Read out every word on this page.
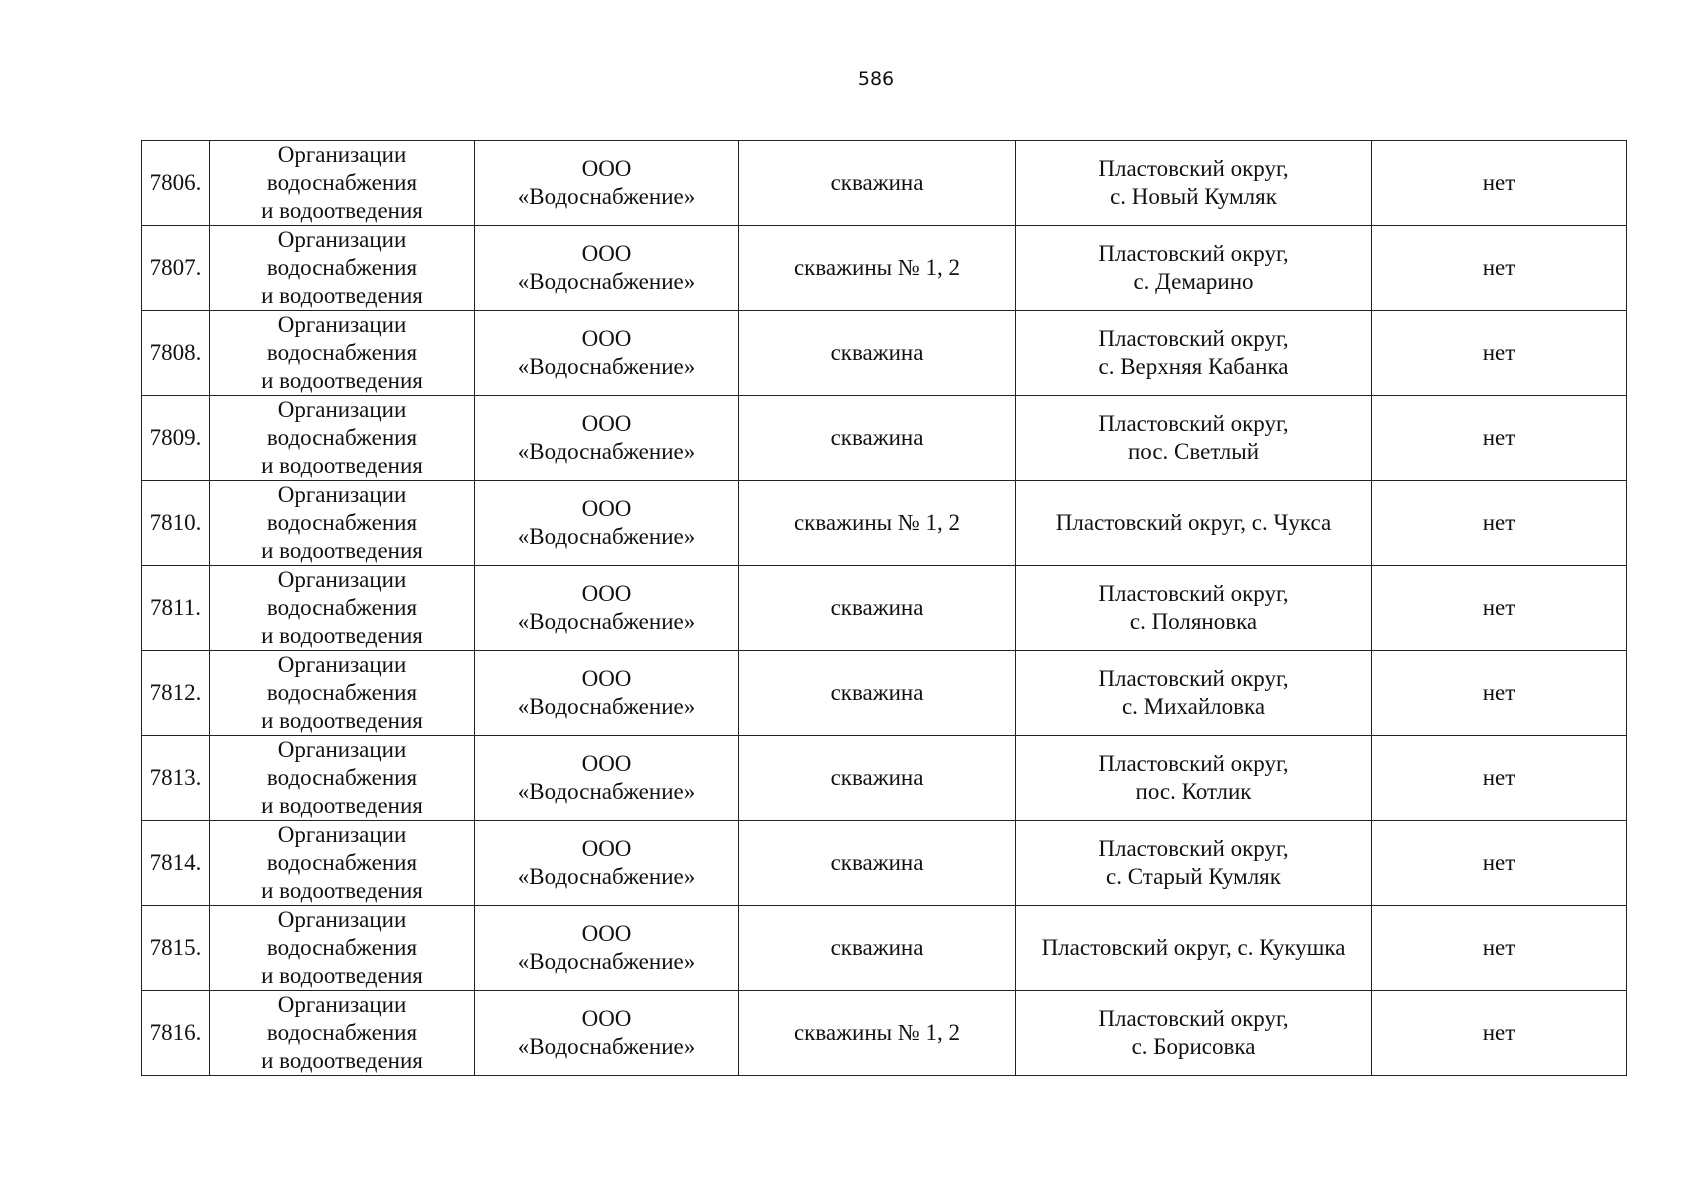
586
7806.	Организации
водоснабжения
и водоотведения	ООО
«Водоснабжение»	скважина	Пластовский округ,
с. Новый Кумляк	нет
7807.	Организации
водоснабжения
и водоотведения	ООО
«Водоснабжение»	скважины № 1, 2	Пластовский округ,
с. Демарино	нет
7808.	Организации
водоснабжения
и водоотведения	ООО
«Водоснабжение»	скважина	Пластовский округ,
с. Верхняя Кабанка	нет
7809.	Организации
водоснабжения
и водоотведения	ООО
«Водоснабжение»	скважина	Пластовский округ,
пос. Светлый	нет
7810.	Организации
водоснабжения
и водоотведения	ООО
«Водоснабжение»	скважины № 1, 2	Пластовский округ, с. Чукса	нет
7811.	Организации
водоснабжения
и водоотведения	ООО
«Водоснабжение»	скважина	Пластовский округ,
с. Поляновка	нет
7812.	Организации
водоснабжения
и водоотведения	ООО
«Водоснабжение»	скважина	Пластовский округ,
с. Михайловка	нет
7813.	Организации
водоснабжения
и водоотведения	ООО
«Водоснабжение»	скважина	Пластовский округ,
пос. Котлик	нет
7814.	Организации
водоснабжения
и водоотведения	ООО
«Водоснабжение»	скважина	Пластовский округ,
с. Старый Кумляк	нет
7815.	Организации
водоснабжения
и водоотведения	ООО
«Водоснабжение»	скважина	Пластовский округ, с. Кукушка	нет
7816.	Организации
водоснабжения
и водоотведения	ООО
«Водоснабжение»	скважины № 1, 2	Пластовский округ,
с. Борисовка	нет
